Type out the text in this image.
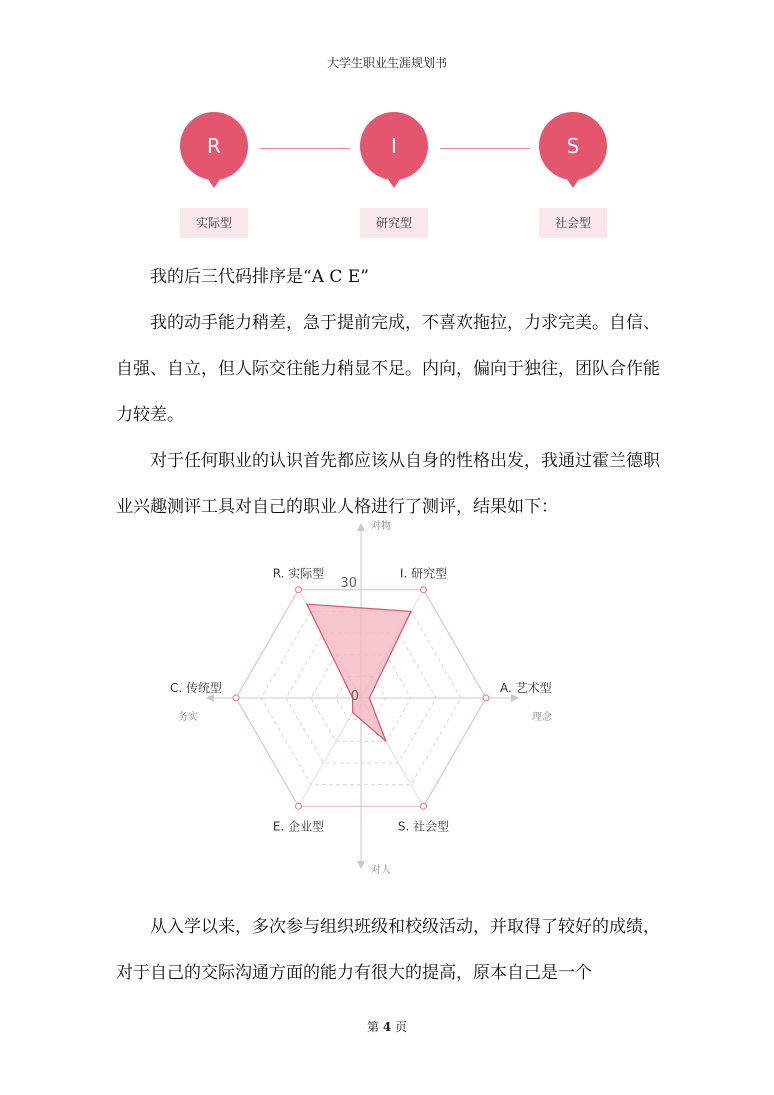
大学生职业生涯规划书
R
实际型
I
研究型
S
社会型

我的后三代码排序是“A C E”

我的动手能力稍差，急于提前完成，不喜欢拖拉，力求完美。自信、自强、自立，但人际交往能力稍显不足。内向，偏向于独往，团队合作能力较差。

对于任何职业的认识首先都应该从自身的性格出发，我通过霍兰德职业兴趣测评工具对自己的职业人格进行了测评，结果如下：

R. 实际型	I. 研究型
A. 艺术型
S. 社会型
E. 企业型
C. 传统型
0
30
对物
对人
务实	理念

从入学以来，多次参与组织班级和校级活动，并取得了较好的成绩，对于自己的交际沟通方面的能力有很大的提高，原本自己是一个

第 4 页
